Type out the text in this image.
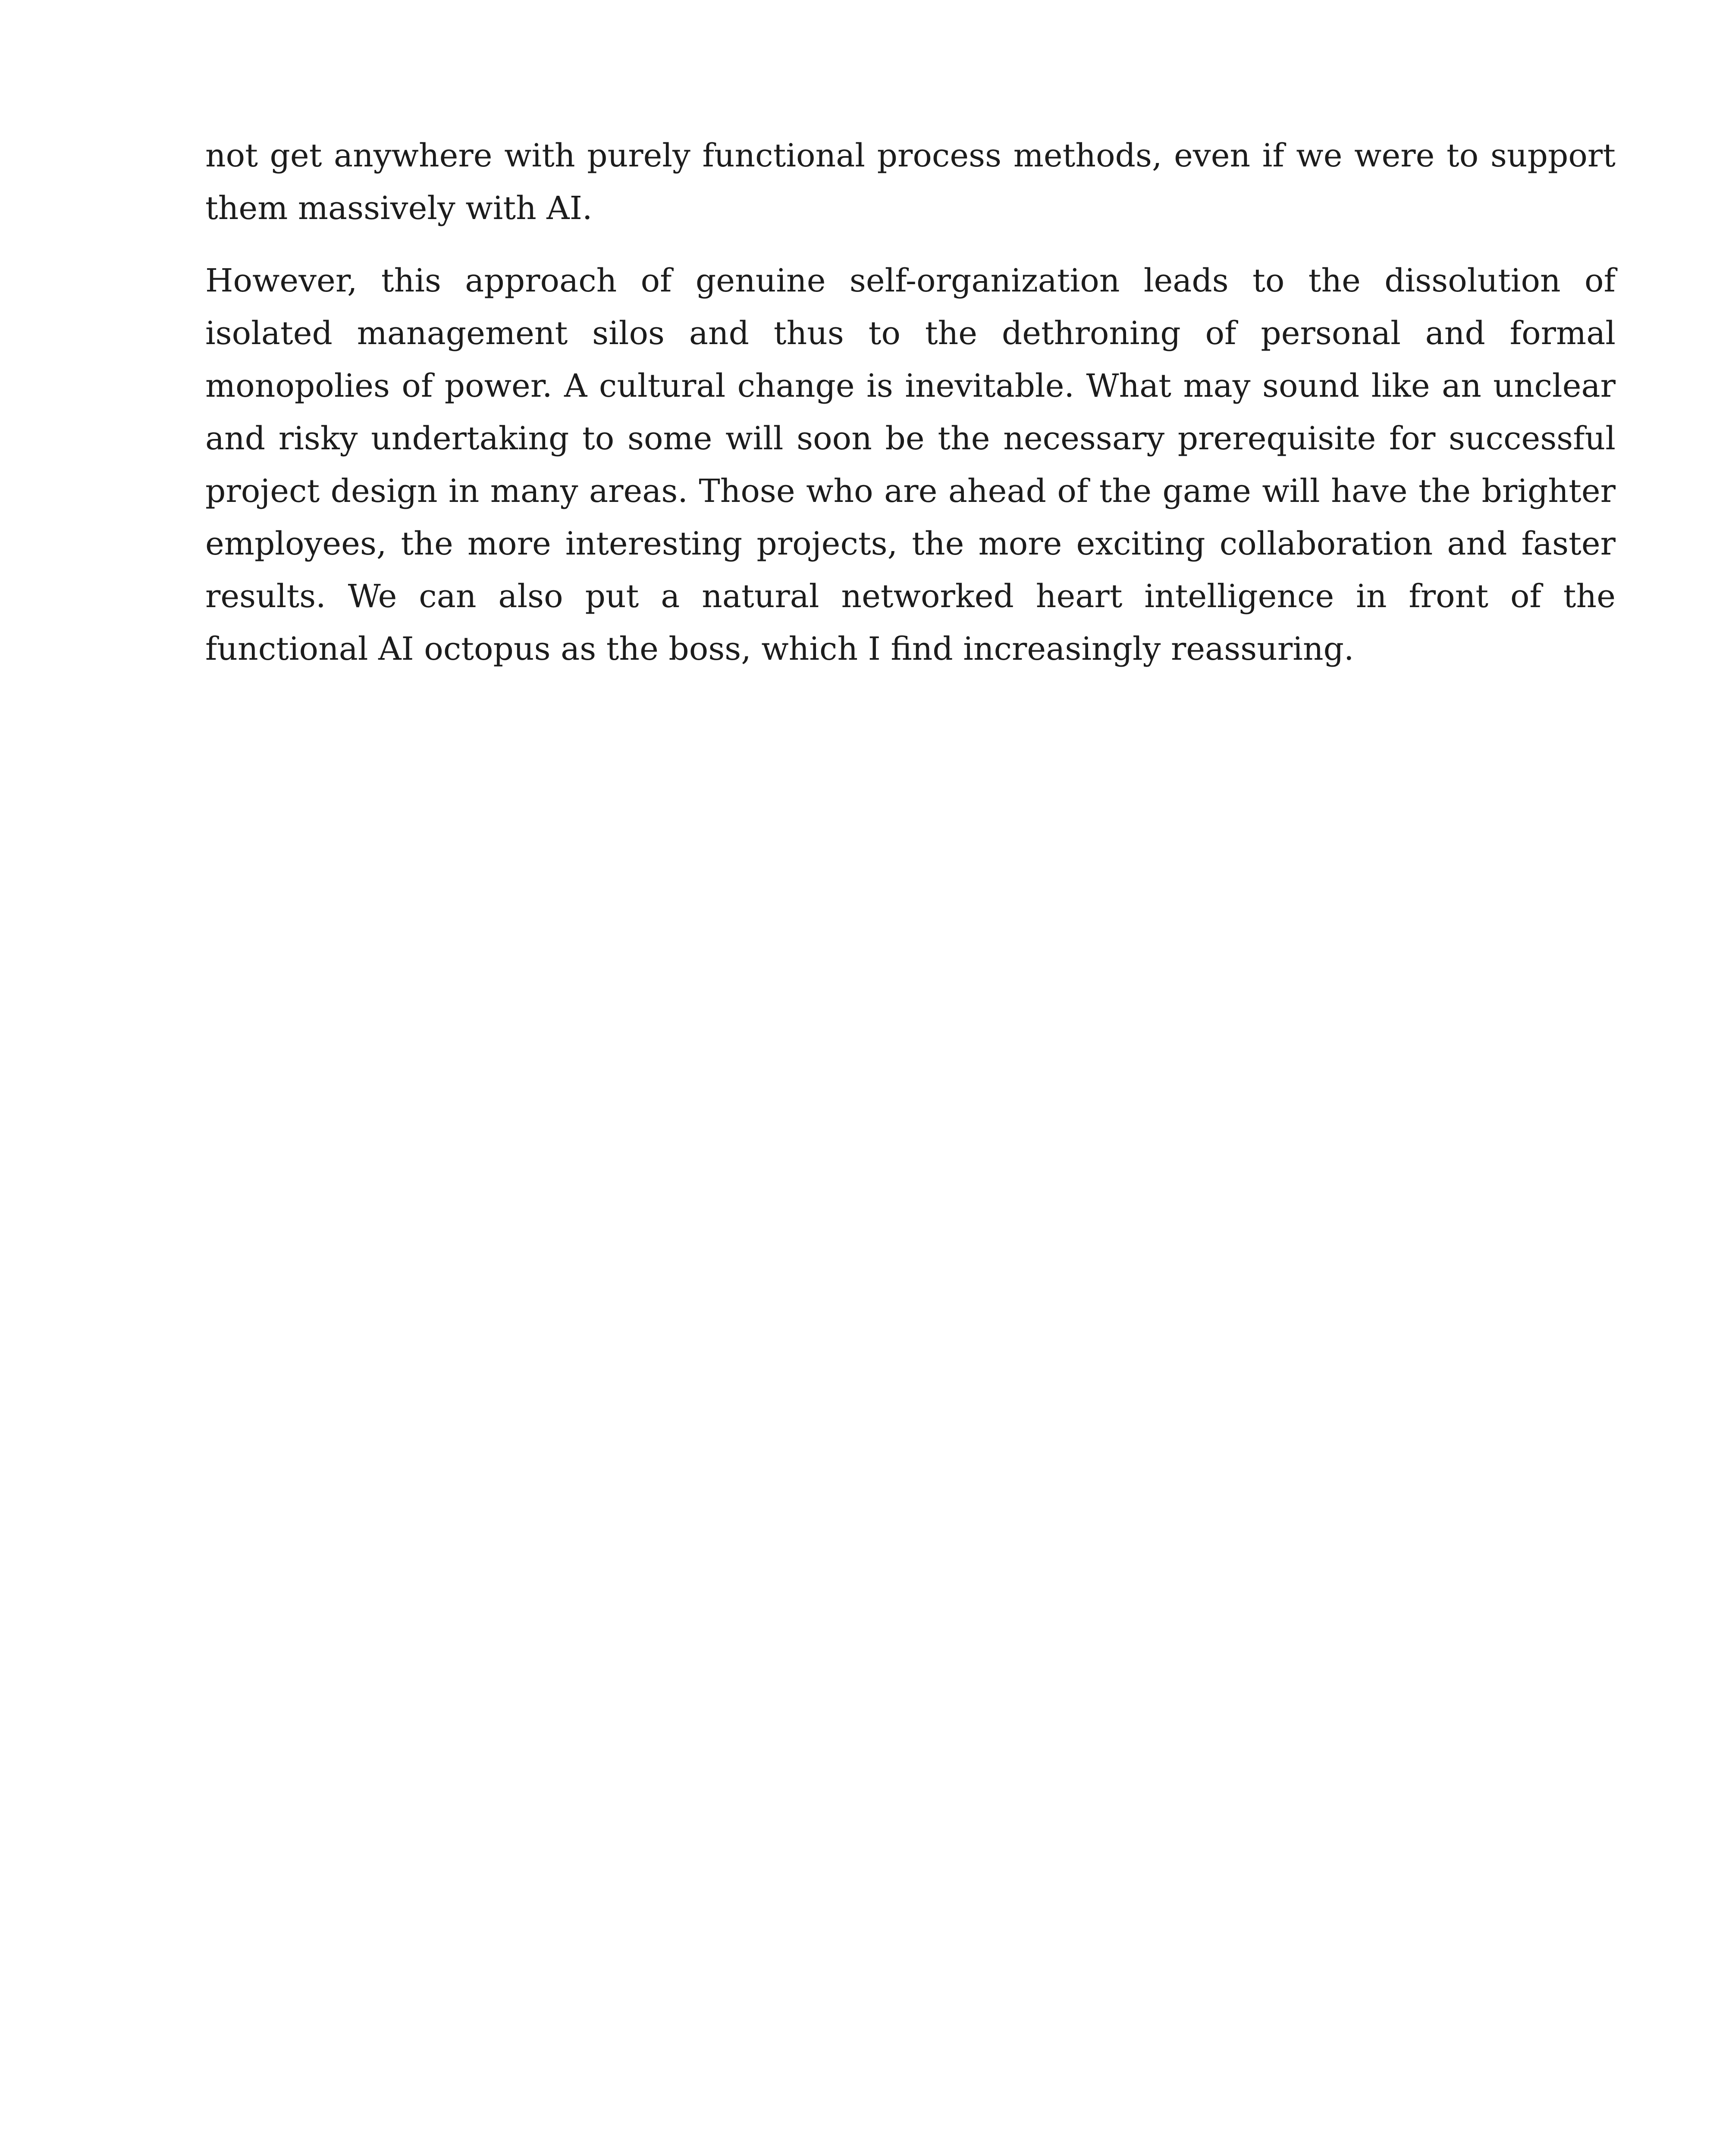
not get anywhere with purely functional process methods, even if we were to support them massively with AI.

However, this approach of genuine self-organization leads to the dissolution of isolated management silos and thus to the dethroning of personal and formal monopolies of power. A cultural change is inevitable. What may sound like an unclear and risky undertaking to some will soon be the necessary prerequisite for successful project design in many areas. Those who are ahead of the game will have the brighter employees, the more interesting projects, the more exciting collaboration and faster results. We can also put a natural networked heart intelligence in front of the functional AI octopus as the boss, which I find increasingly reassuring.
